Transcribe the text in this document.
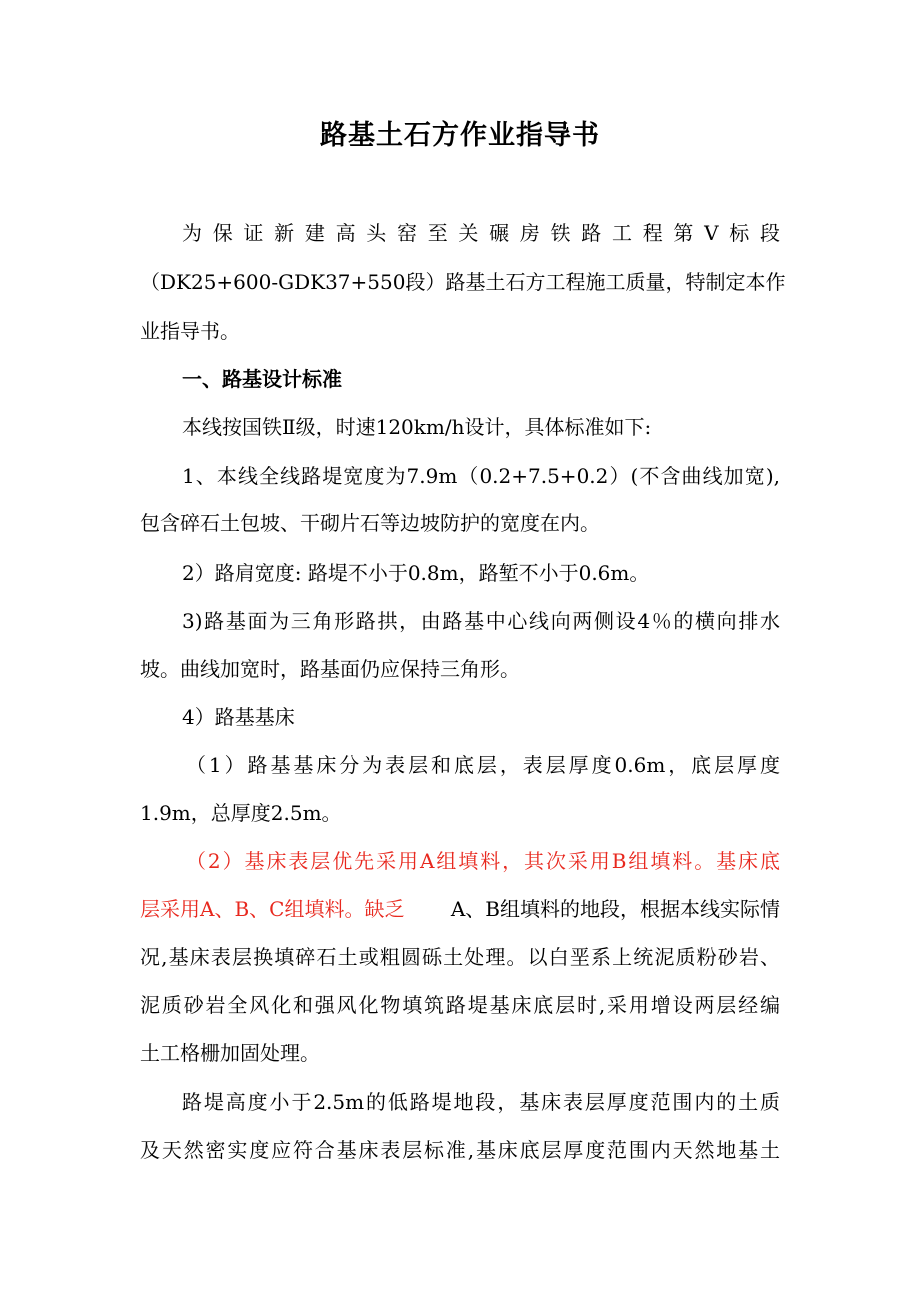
路基土石方作业指导书
为 保 证 新 建 高 头 窑 至 关 碾 房 铁 路 工 程 第 Ⅴ 标 段
（DK25+600-GDK37+550段）路基土石方工程施工质量，特制定本作
业指导书。
一、路基设计标准
本线按国铁Ⅱ级，时速120km/h设计，具体标准如下:
1、本线全线路堤宽度为7.9m（0.2+7.5+0.2）(不含曲线加宽),
包含碎石土包坡、干砌片石等边坡防护的宽度在内。
2）路肩宽度: 路堤不小于0.8m，路堑不小于0.6m。
3)路基面为三角形路拱，由路基中心线向两侧设4％的横向排水
坡。曲线加宽时，路基面仍应保持三角形。
4）路基基床
（1）路基基床分为表层和底层，表层厚度0.6m，底层厚度
1.9m，总厚度2.5m。
（2）基床表层优先采用A组填料，其次采用B组填料。基床底
层采用A、B、C组填料。缺乏 A、B组填料的地段，根据本线实际情
况,基床表层换填碎石土或粗圆砾土处理。以白垩系上统泥质粉砂岩、
泥质砂岩全风化和强风化物填筑路堤基床底层时,采用增设两层经编
土工格栅加固处理。
路堤高度小于2.5m的低路堤地段，基床表层厚度范围内的土质
及天然密实度应符合基床表层标准,基床底层厚度范围内天然地基土
